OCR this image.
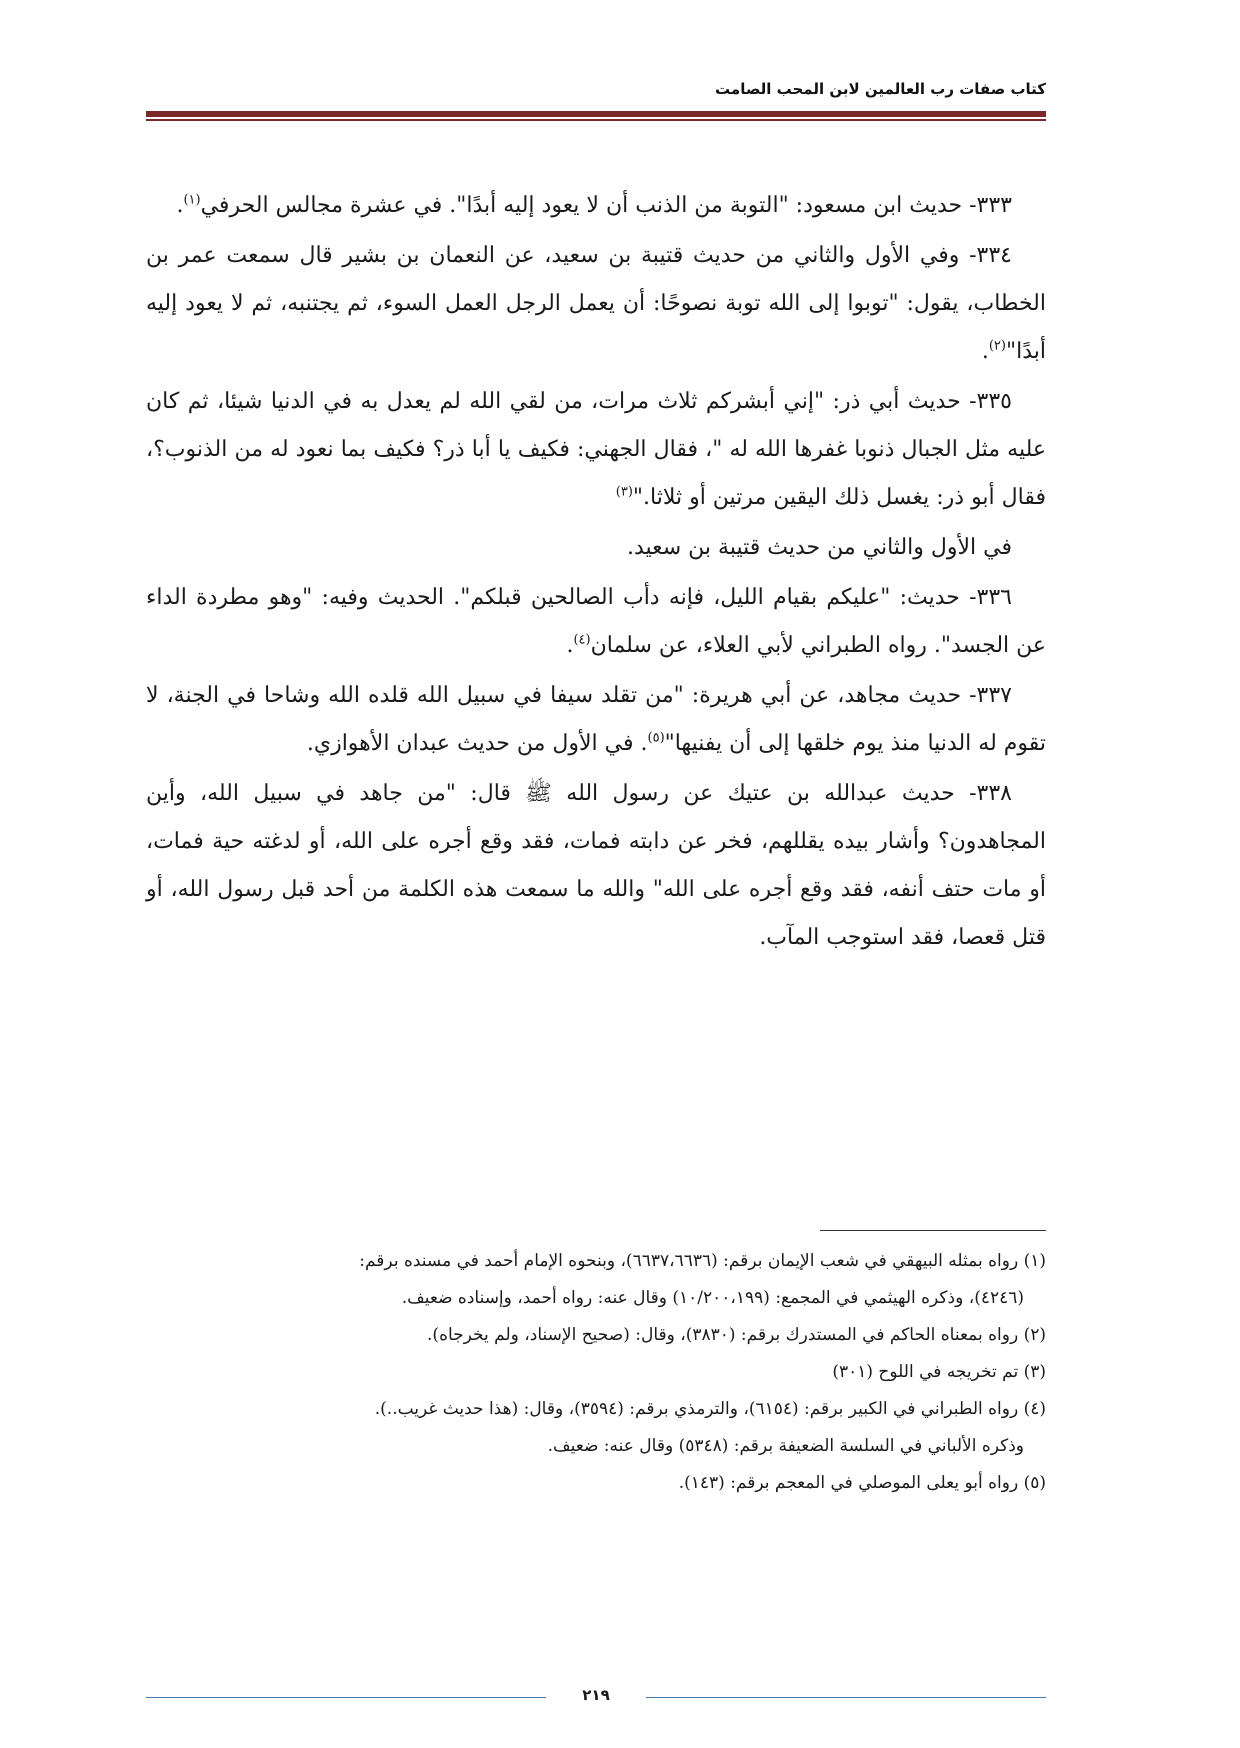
كتاب صفات رب العالمين لابن المحب الصامت

٣٣٣- حديث ابن مسعود: "التوبة من الذنب أن لا يعود إليه أبدًا". في عشرة مجالس الحرفي$^{(١)}$.

٣٣٤- وفي الأول والثاني من حديث قتيبة بن سعيد، عن النعمان بن بشير قال سمعت عمر بن الخطاب، يقول: "توبوا إلى الله توبة نصوحًا: أن يعمل الرجل العمل السوء، ثم يجتنبه، ثم لا يعود إليه أبدًا"$^{(٢)}$.

٣٣٥- حديث أبي ذر: "إني أبشركم ثلاث مرات، من لقي الله لم يعدل به في الدنيا شيئا، ثم كان عليه مثل الجبال ذنوبا غفرها الله له "، فقال الجهني: فكيف يا أبا ذر؟ فكيف بما نعود له من الذنوب؟، فقال أبو ذر: يغسل ذلك اليقين مرتين أو ثلاثا."$^{(٣)}$

في الأول والثاني من حديث قتيبة بن سعيد.

٣٣٦- حديث: "عليكم بقيام الليل، فإنه دأب الصالحين قبلكم". الحديث وفيه: "وهو مطردة الداء عن الجسد". رواه الطبراني لأبي العلاء، عن سلمان$^{(٤)}$.

٣٣٧- حديث مجاهد، عن أبي هريرة: "من تقلد سيفا في سبيل الله قلده الله وشاحا في الجنة، لا تقوم له الدنيا منذ يوم خلقها إلى أن يفنيها"$^{(٥)}$. في الأول من حديث عبدان الأهوازي.

٣٣٨- حديث عبدالله بن عتيك عن رسول الله ﷺ قال: "من جاهد في سبيل الله، وأين المجاهدون؟ وأشار بيده يقللهم، فخر عن دابته فمات، فقد وقع أجره على الله، أو لدغته حية فمات، أو مات حتف أنفه، فقد وقع أجره على الله" والله ما سمعت هذه الكلمة من أحد قبل رسول الله، أو قتل قعصا، فقد استوجب المآب.

(١) رواه بمثله البيهقي في شعب الإيمان برقم: (٦٦٣٧،٦٦٣٦)، وبنحوه الإمام أحمد في مسنده برقم:
(٤٢٤٦)، وذكره الهيثمي في المجمع: (١٠/٢٠٠،١٩٩) وقال عنه: رواه أحمد، وإسناده ضعيف.
(٢) رواه بمعناه الحاكم في المستدرك برقم: (٣٨٣٠)، وقال: (صحيح الإسناد، ولم يخرجاه).
(٣) تم تخريجه في اللوح (٣٠١)
(٤) رواه الطبراني في الكبير برقم: (٦١٥٤)، والترمذي برقم: (٣٥٩٤)، وقال: (هذا حديث غريب..).
وذكره الألباني في السلسة الضعيفة برقم: (٥٣٤٨) وقال عنه: ضعيف.
(٥) رواه أبو يعلى الموصلي في المعجم برقم: (١٤٣).
٢١٩
